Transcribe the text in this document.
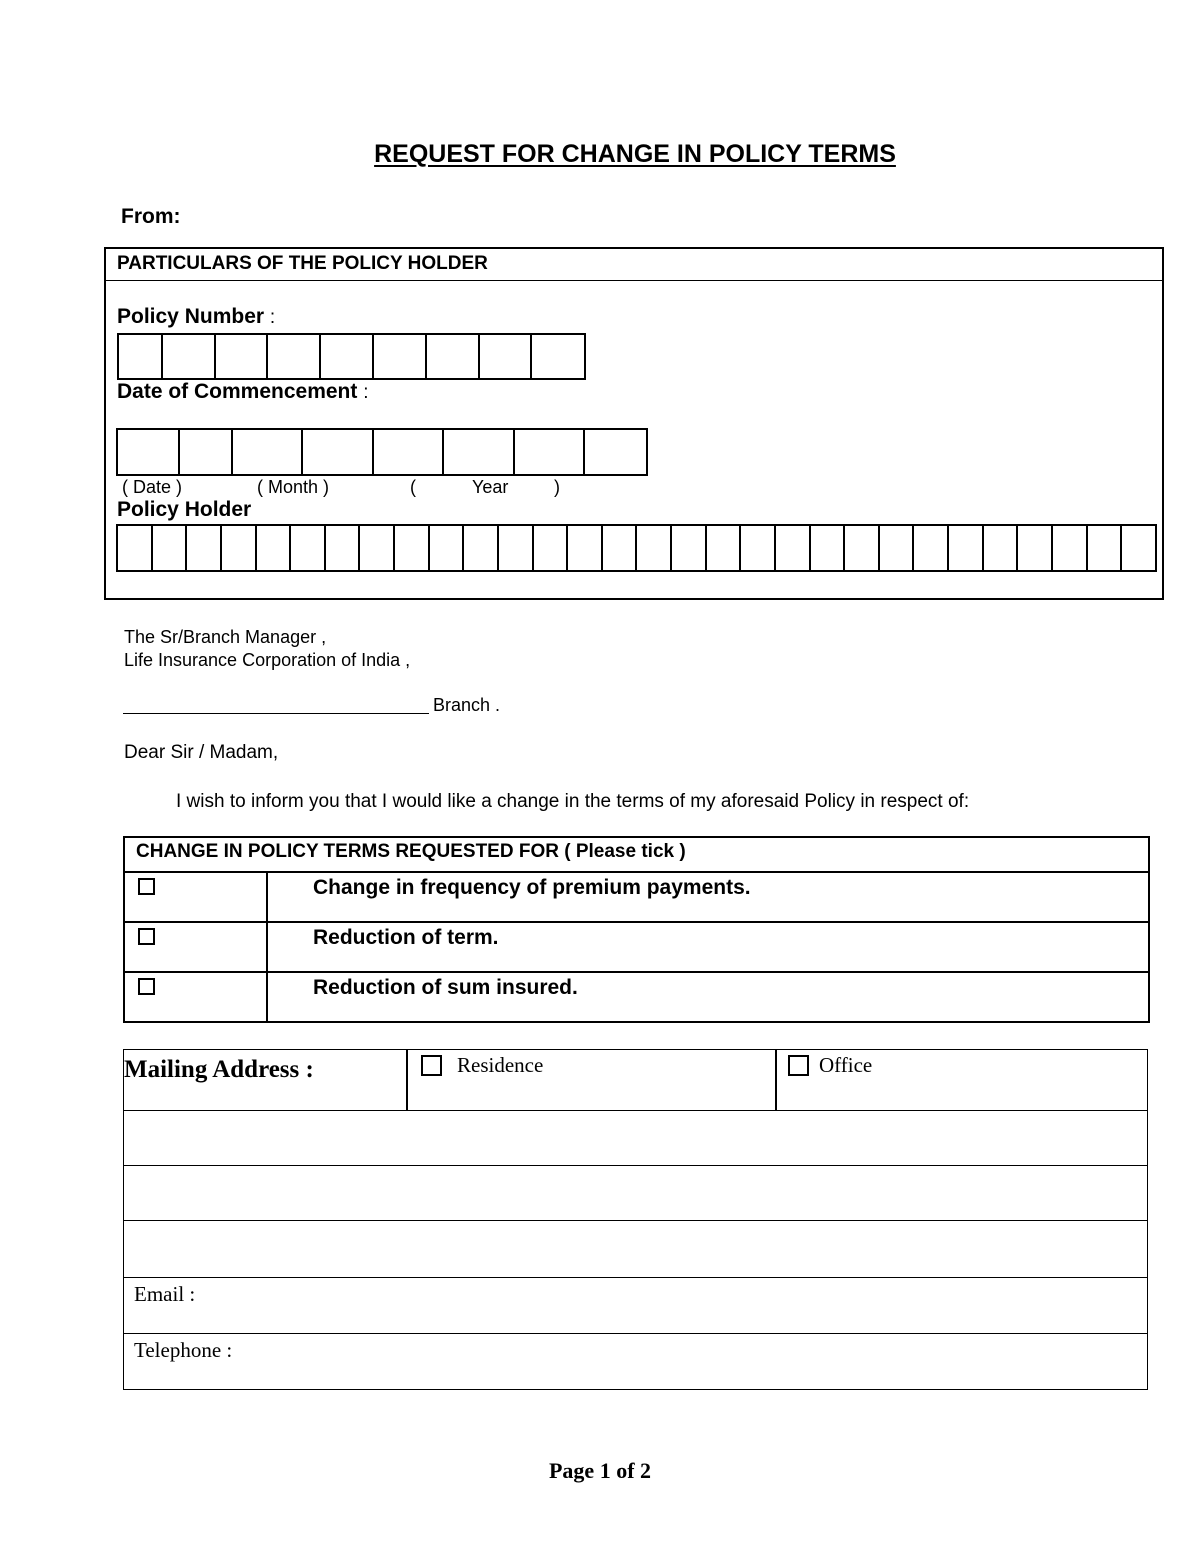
REQUEST FOR CHANGE IN POLICY TERMS
From:
PARTICULARS OF THE POLICY HOLDER
Policy Number :
Date of Commencement :
( Date )	( Month )	(	Year	)
Policy Holder
The Sr/Branch Manager ,
Life Insurance Corporation of India ,
Branch .
Dear Sir / Madam,
I wish to inform you that I would like a change in the terms of my aforesaid Policy in respect of:
CHANGE IN POLICY TERMS REQUESTED FOR ( Please tick )
Change in frequency of premium payments.
Reduction of term.
Reduction of sum insured.
Mailing Address :	Residence	Office
Email :
Telephone :
Page 1 of 2
